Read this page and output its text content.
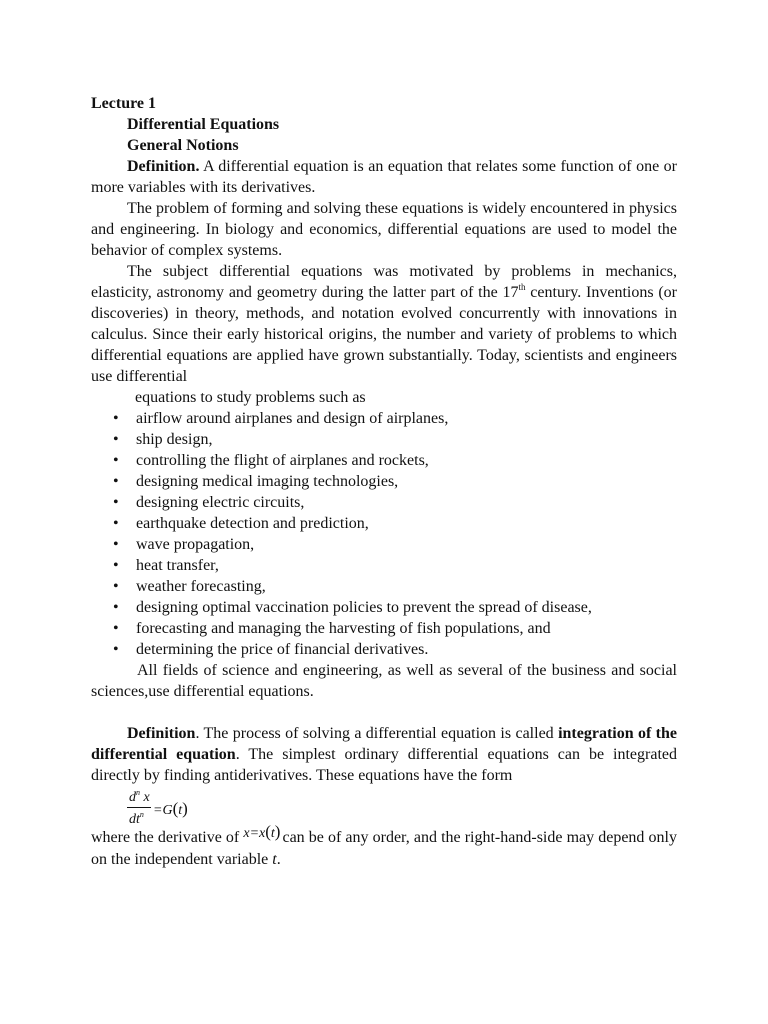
Lecture 1

Differential Equations

General Notions

Definition. A differential equation is an equation that relates some function of one or more variables with its derivatives.

The problem of forming and solving these equations is widely encountered in physics and engineering. In biology and economics, differential equations are used to model the behavior of complex systems.

The subject differential equations was motivated by problems in mechanics, elasticity, astronomy and geometry during the latter part of the 17th century. Inventions (or discoveries) in theory, methods, and notation evolved concurrently with innovations in calculus. Since their early historical origins, the number and variety of problems to which differential equations are applied have grown substantially. Today, scientists and engineers use differential

equations to study problems such as

• airflow around airplanes and design of airplanes,
• ship design,
• controlling the flight of airplanes and rockets,
• designing medical imaging technologies,
• designing electric circuits,
• earthquake detection and prediction,
• wave propagation,
• heat transfer,
• weather forecasting,
• designing optimal vaccination policies to prevent the spread of disease,
• forecasting and managing the harvesting of fish populations, and
• determining the price of financial derivatives.

All fields of science and engineering, as well as several of the business and social sciences,use differential equations.

Definition. The process of solving a differential equation is called integration of the differential equation. The simplest ordinary differential equations can be integrated directly by finding antiderivatives. These equations have the form

$d^n$ x
$dt^n =G(t)$

where the derivative of x=x(t) can be of any order, and the right-hand-side may depend only on the independent variable t.
